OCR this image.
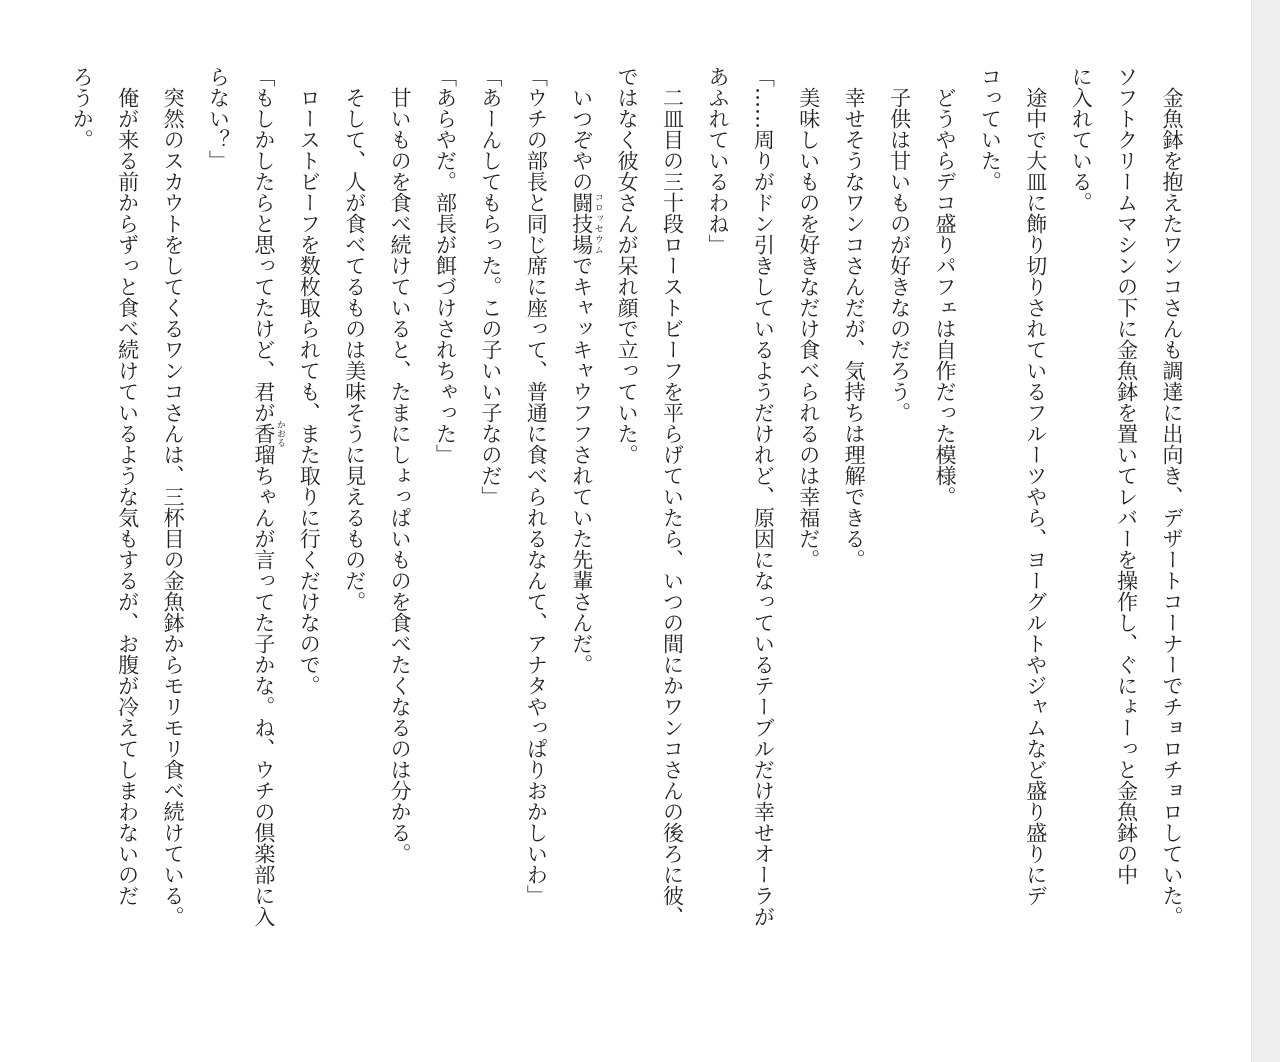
金魚鉢を抱えたワンコさんも調達に出向き、デザートコーナーでチョロチョロしていた。
ソフトクリームマシンの下に金魚鉢を置いてレバーを操作し、ぐにょーっと金魚鉢の中
に入れている。
途中で大皿に飾り切りされているフルーツやら、ヨーグルトやジャムなど盛り盛りにデ
コっていた。
どうやらデコ盛りパフェは自作だった模様。
子供は甘いものが好きなのだろう。
幸せそうなワンコさんだが、気持ちは理解できる。
美味しいものを好きなだけ食べられるのは幸福だ。
「……周りがドン引きしているようだけれど、原因になっているテーブルだけ幸せオーラが
あふれているわね」
二皿目の三十段ローストビーフを平らげていたら、いつの間にかワンコさんの後ろに彼、
ではなく彼女さんが呆れ顔で立っていた。
いつぞやの闘技場 コロッセウムでキャッキャウフフされていた先輩さんだ。
「ウチの部長と同じ席に座って、普通に食べられるなんて、アナタやっぱりおかしいわ」
「あーんしてもらった。この子いい子なのだ」
「あらやだ。部長が餌づけされちゃった」
甘いものを食べ続けていると、たまにしょっぱいものを食べたくなるのは分かる。
そして、人が食べてるものは美味そうに見えるものだ。
ローストビーフを数枚取られても、また取りに行くだけなので。
「もしかしたらと思ってたけど、君が香 かおる瑠ちゃんが言ってた子かな。ね、ウチの倶楽部に入
らない？」
突然のスカウトをしてくるワンコさんは、三杯目の金魚鉢からモリモリ食べ続けている。
俺が来る前からずっと食べ続けているような気もするが、お腹が冷えてしまわないのだ
ろうか。
